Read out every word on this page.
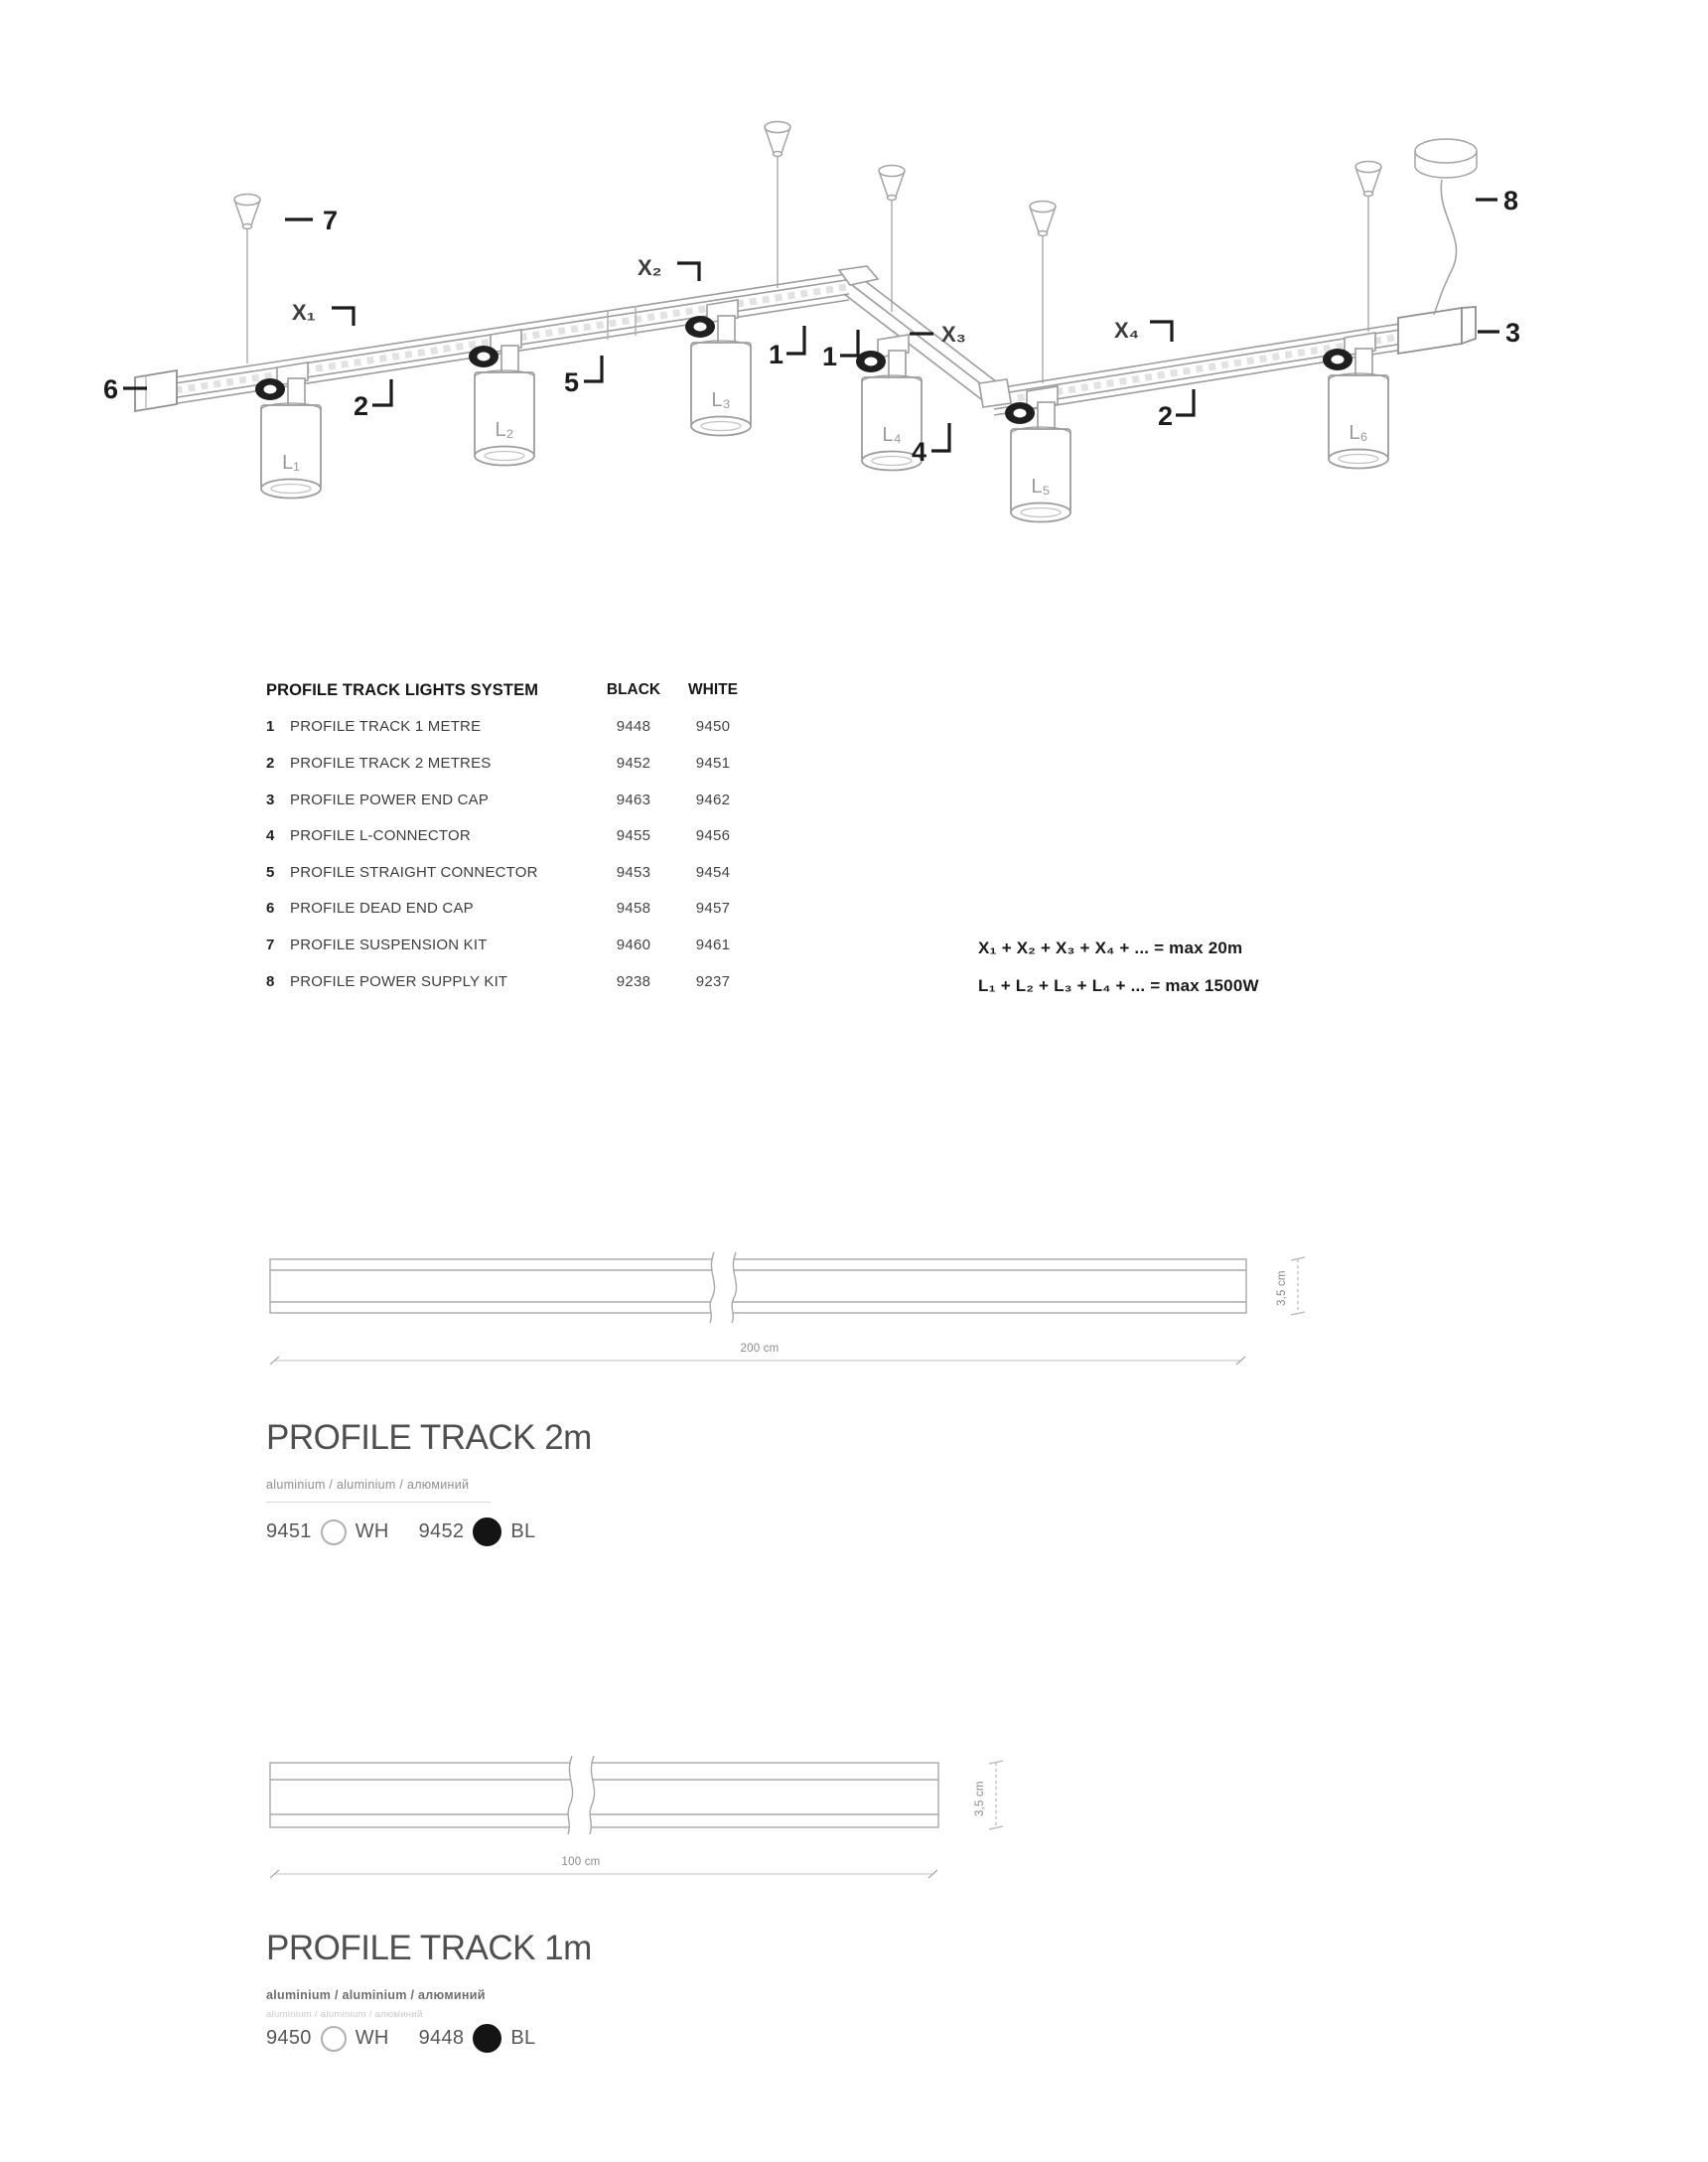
L₁
L₂
L₃
L₄
L₅
L₆
6
7
2
5
1 1
4
2
3
8
X₁
X₂
X₃	X₄
PROFILE TRACK LIGHTS SYSTEM	BLACK	WHITE
1	PROFILE TRACK 1 METRE	9448	9450
2	PROFILE TRACK 2 METRES	9452	9451
3	PROFILE POWER END CAP	9463	9462
4	PROFILE L-CONNECTOR	9455	9456
5	PROFILE STRAIGHT CONNECTOR	9453	9454
6	PROFILE DEAD END CAP	9458	9457
7	PROFILE SUSPENSION KIT	9460	9461
8	PROFILE POWER SUPPLY KIT	9238	9237
X₁ + X₂ + X₃ + X₄ + ... = max 20m
L₁ + L₂ + L₃ + L₄ + ... = max 1500W
3,5 cm
200 cm
PROFILE TRACK 2m
aluminium / aluminium / алюминий
9451 WH 9452 BL
3,5 cm
100 cm
PROFILE TRACK 1m
aluminium / aluminium / алюминий
aluminium / aluminium / алюминий
9450 WH 9448 BL
